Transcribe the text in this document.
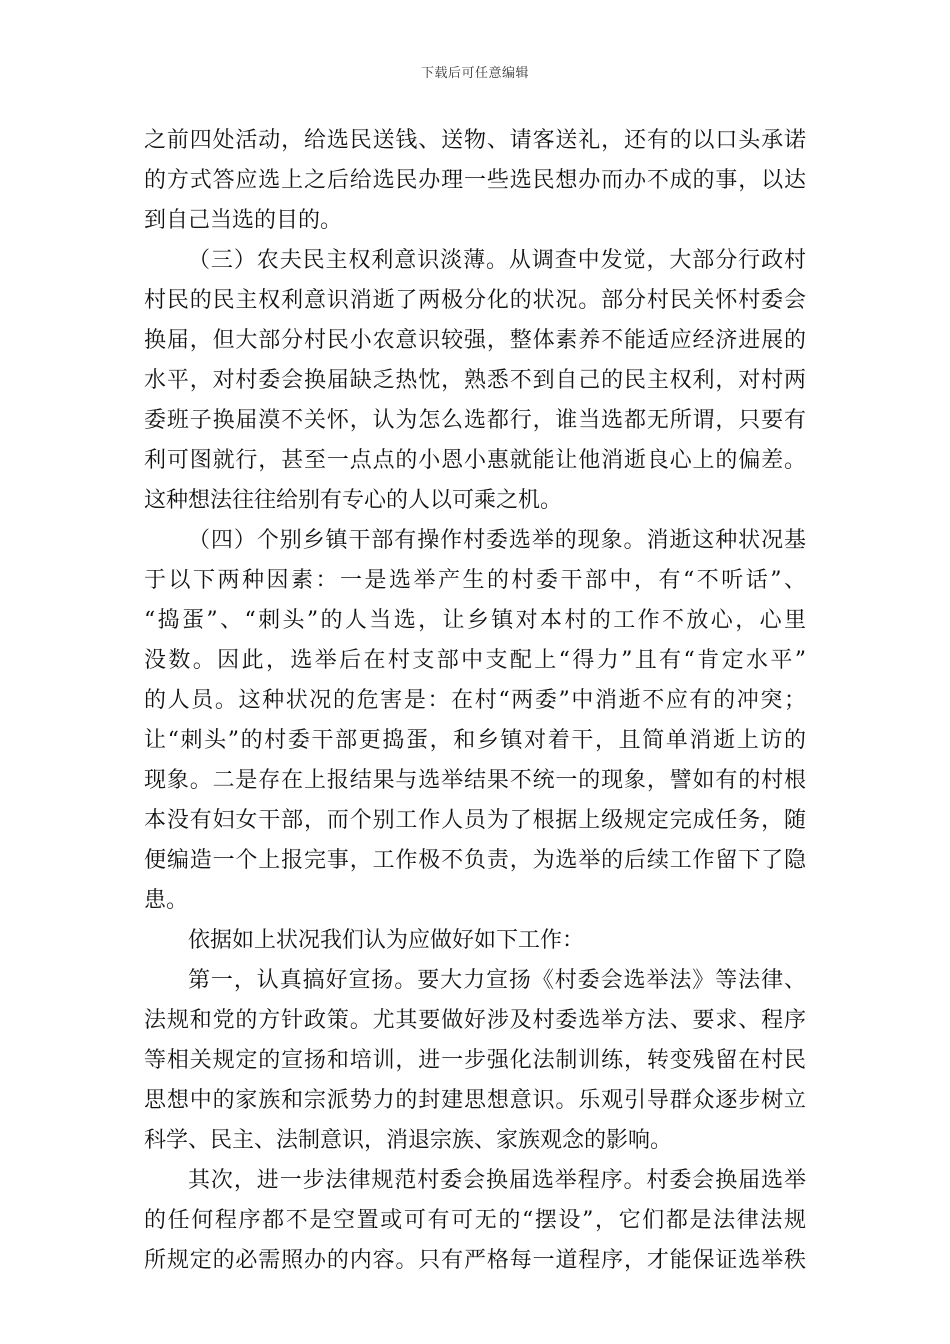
下载后可任意编辑
之前四处活动，给选民送钱、送物、请客送礼，还有的以口头承诺
的方式答应选上之后给选民办理一些选民想办而办不成的事，以达
到自己当选的目的。
（三）农夫民主权利意识淡薄。从调查中发觉，大部分行政村
村民的民主权利意识消逝了两极分化的状况。部分村民关怀村委会
换届，但大部分村民小农意识较强，整体素养不能适应经济进展的
水平，对村委会换届缺乏热忱，熟悉不到自己的民主权利，对村两
委班子换届漠不关怀，认为怎么选都行，谁当选都无所谓，只要有
利可图就行，甚至一点点的小恩小惠就能让他消逝良心上的偏差。
这种想法往往给别有专心的人以可乘之机。
（四）个别乡镇干部有操作村委选举的现象。消逝这种状况基
于以下两种因素：一是选举产生的村委干部中，有“不听话”、
“捣蛋”、“刺头”的人当选，让乡镇对本村的工作不放心，心里
没数。因此，选举后在村支部中支配上“得力”且有“肯定水平”
的人员。这种状况的危害是：在村“两委”中消逝不应有的冲突；
让“刺头”的村委干部更捣蛋，和乡镇对着干，且简单消逝上访的
现象。二是存在上报结果与选举结果不统一的现象，譬如有的村根
本没有妇女干部，而个别工作人员为了根据上级规定完成任务，随
便编造一个上报完事，工作极不负责，为选举的后续工作留下了隐
患。
依据如上状况我们认为应做好如下工作：
第一，认真搞好宣扬。要大力宣扬《村委会选举法》等法律、
法规和党的方针政策。尤其要做好涉及村委选举方法、要求、程序
等相关规定的宣扬和培训，进一步强化法制训练，转变残留在村民
思想中的家族和宗派势力的封建思想意识。乐观引导群众逐步树立
科学、民主、法制意识，消退宗族、家族观念的影响。
其次，进一步法律规范村委会换届选举程序。村委会换届选举
的任何程序都不是空置或可有可无的“摆设”，它们都是法律法规
所规定的必需照办的内容。只有严格每一道程序，才能保证选举秩
